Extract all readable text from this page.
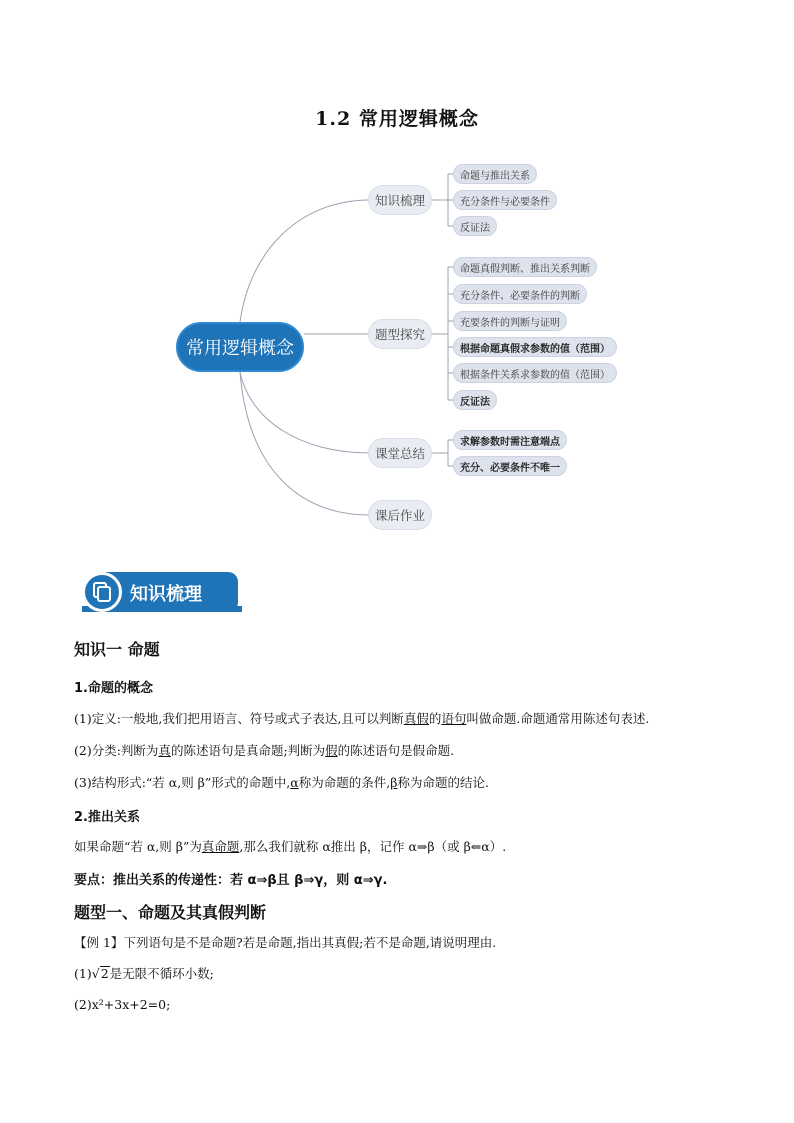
1.2 常用逻辑概念
常用逻辑概念
知识梳理
题型探究
课堂总结
课后作业
命题与推出关系
充分条件与必要条件
反证法
命题真假判断、推出关系判断
充分条件、必要条件的判断
充要条件的判断与证明
根据命题真假求参数的值（范围）
根据条件关系求参数的值（范围）
反证法
求解参数时需注意端点
充分、必要条件不唯一
知识梳理
知识一 命题
1.命题的概念
(1)定义:一般地,我们把用语言、符号或式子表达,且可以判断真假的语句叫做命题.命题通常用陈述句表述.
(2)分类:判断为真的陈述语句是真命题;判断为假的陈述语句是假命题.
(3)结构形式:“若 α,则 β”形式的命题中,α称为命题的条件,β称为命题的结论.
2.推出关系
如果命题“若 α,则 β”为真命题,那么我们就称 α推出 β，记作 α⇒β（或 β⇐α）.
要点：推出关系的传递性：若 α⇒β且 β⇒γ，则 α⇒γ.
题型一、命题及其真假判断
【例 1】下列语句是不是命题?若是命题,指出其真假;若不是命题,请说明理由.
(1)√2是无限不循环小数;
(2)x²+3x+2=0;
